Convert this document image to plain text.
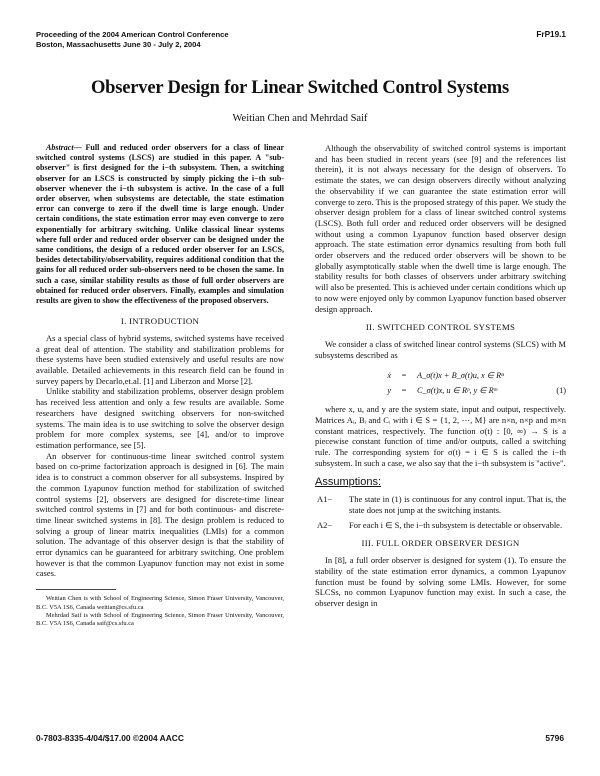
Proceeding of the 2004 American Control Conference
Boston, Massachusetts June 30 - July 2, 2004
FrP19.1
Observer Design for Linear Switched Control Systems
Weitian Chen and Mehrdad Saif

Abstract— Full and reduced order observers for a class of linear switched control systems (LSCS) are studied in this paper. A "sub-observer" is first designed for the i−th subsystem. Then, a switching observer for an LSCS is constructed by simply picking the i−th sub-observer whenever the i−th subsystem is active. In the case of a full order observer, when subsystems are detectable, the state estimation error can converge to zero if the dwell time is large enough. Under certain conditions, the state estimation error may even converge to zero exponentially for arbitrary switching. Unlike classical linear systems where full order and reduced order observer can be designed under the same conditions, the design of a reduced order observer for an LSCS, besides detectability/observability, requires additional condition that the gains for all reduced order sub-observers need to be chosen the same. In such a case, similar stability results as those of full order observers are obtained for reduced order observers. Finally, examples and simulation results are given to show the effectiveness of the proposed observers.

I. INTRODUCTION

As a special class of hybrid systems, switched systems have received a great deal of attention. The stability and stabilization problems for these systems have been studied extensively and useful results are now available. Detailed achievements in this research field can be found in survey papers by Decarlo,et.al. [1] and Liberzon and Morse [2].

Unlike stability and stabilization problems, observer design problem has received less attention and only a few results are available. Some researchers have designed switching observers for non-switched systems. The main idea is to use switching to solve the observer design problem for more complex systems, see [4], and/or to improve estimation performance, see [5].

An observer for continuous-time linear switched control system based on co-prime factorization approach is designed in [6]. The main idea is to construct a common observer for all subsystems. Inspired by the common Lyapunov function method for stabilization of switched control systems [2], observers are designed for discrete-time linear switched control systems in [7] and for both continuous- and discrete-time linear switched systems in [8]. The design problem is reduced to solving a group of linear matrix inequalities (LMIs) for a common solution. The advantage of this observer design is that the stability of error dynamics can be guaranteed for arbitrary switching. One problem however is that the common Lyapunov function may not exist in some cases.

Weitian Chen is with School of Engineering Science, Simon Fraser University, Vancouver, B.C. V5A 1S6, Canada weitian@cs.sfu.ca

Mehrdad Saif is with School of Engineering Science, Simon Fraser University, Vancouver, B.C. V5A 1S6, Canada saif@cs.sfu.ca

Although the observability of switched control systems is important and has been studied in recent years (see [9] and the references list therein), it is not always necessary for the design of observers. To estimate the states, we can design observers directly without analyzing the observability if we can guarantee the state estimation error will converge to zero. This is the proposed strategy of this paper. We study the observer design problem for a class of linear switched control systems (LSCS). Both full order and reduced order observers will be designed without using a common Lyapunov function based observer design approach. The state estimation error dynamics resulting from both full order observers and the reduced order observers will be shown to be globally asymptotically stable when the dwell time is large enough. The stability results for both classes of observers under arbitrary switching will also be presented. This is achieved under certain conditions which up to now were enjoyed only by common Lyapunov function based observer design approach.

II. SWITCHED CONTROL SYSTEMS

We consider a class of switched linear control systems (SLCS) with M subsystems described as

ẋ	=	A_σ(t)x + B_σ(t)u, x ∈ Rⁿ
y	=	C_σ(t)x, u ∈ Rᵖ, y ∈ Rᵐ	(1)

where x, u, and y are the system state, input and output, respectively. Matrices Aᵢ, Bᵢ and Cᵢ with i ∈ S = {1, 2, ⋯, M} are n×n, n×p and m×n constant matrices, respectively. The function σ(t) : [0, ∞) → S is a piecewise constant function of time and/or outputs, called a switching rule. The corresponding system for σ(t) = i ∈ S is called the i−th subsystem. In such a case, we also say that the i−th subsystem is "active".

Assumptions:
A1−	The state in (1) is continuous for any control input. That is, the state does not jump at the switching instants.
A2−	For each i ∈ S, the i−th subsystem is detectable or observable.
III. FULL ORDER OBSERVER DESIGN

In [8], a full order observer is designed for system (1). To ensure the stability of the state estimation error dynamics, a common Lyapunov function must be found by solving some LMIs. However, for some SLCSs, no common Lyapunov function may exist. In such a case, the observer design in

0-7803-8335-4/04/$17.00 ©2004 AACC	5796
